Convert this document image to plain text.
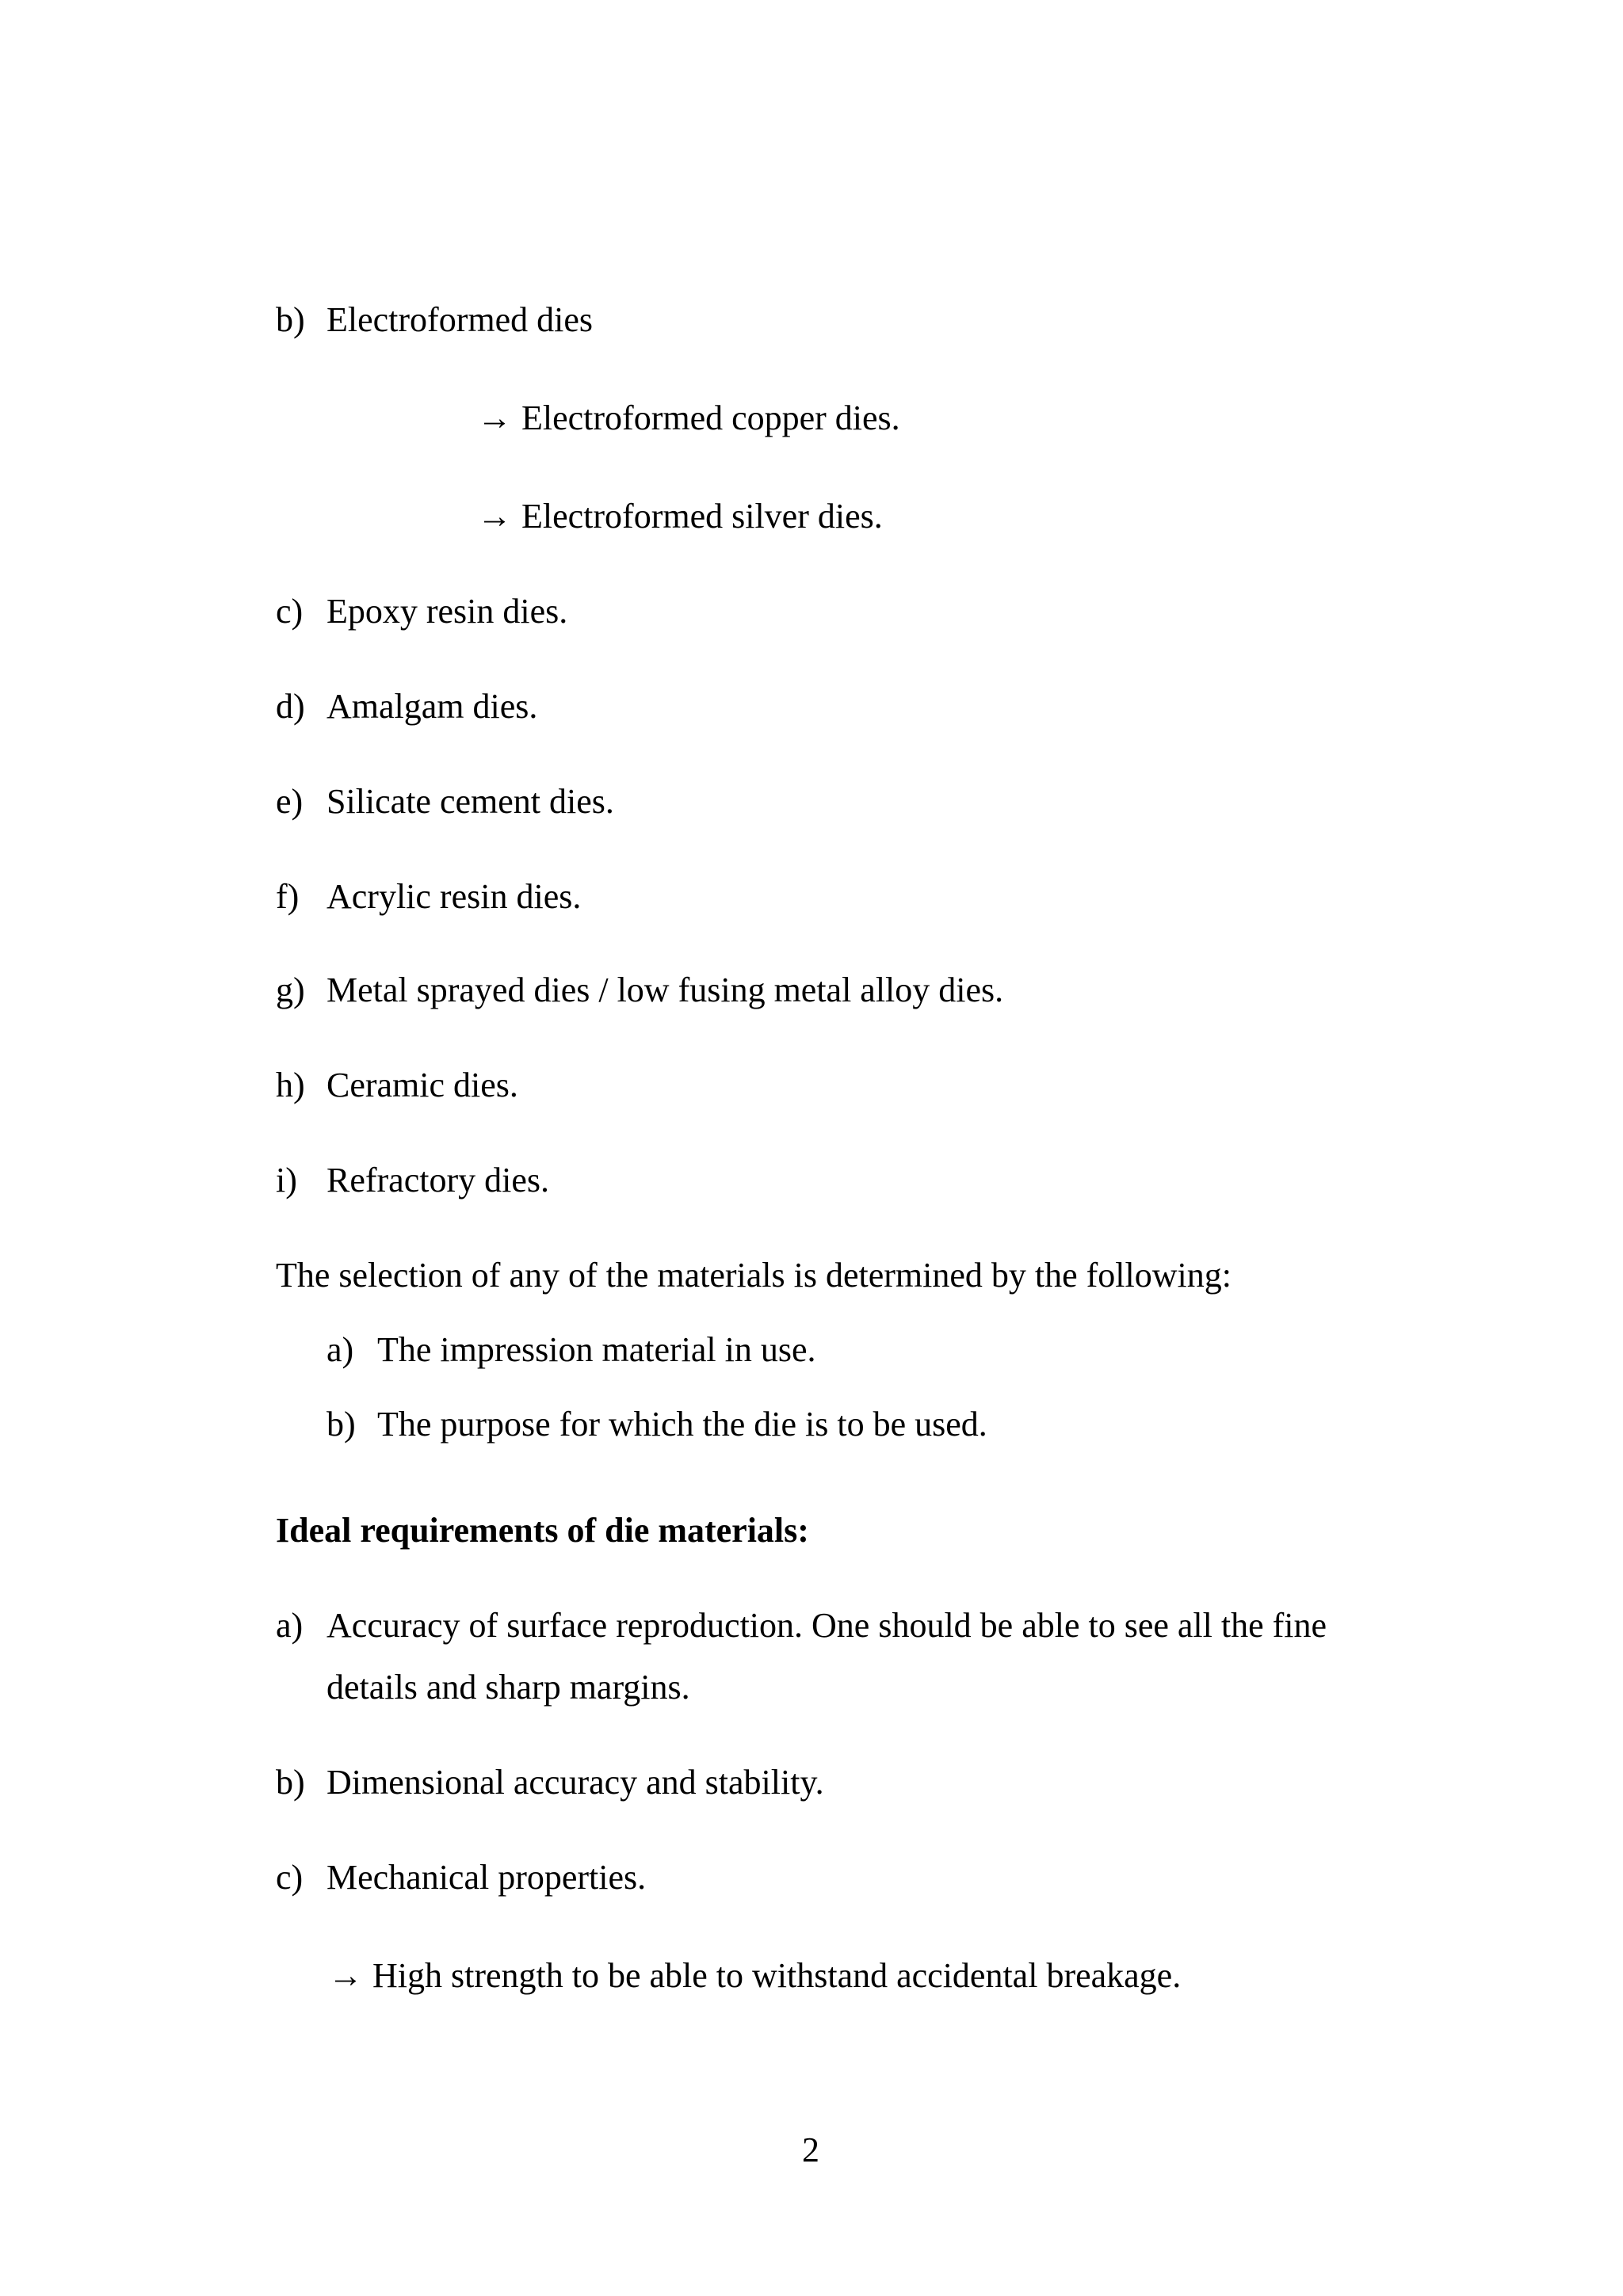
b) Electroformed dies
→ Electroformed copper dies.
→ Electroformed silver dies.
c) Epoxy resin dies.
d) Amalgam dies.
e) Silicate cement dies.
f) Acrylic resin dies.
g) Metal sprayed dies / low fusing metal alloy dies.
h) Ceramic dies.
i) Refractory dies.

The selection of any of the materials is determined by the following:

a) The impression material in use.
b) The purpose for which the die is to be used.
Ideal requirements of die materials:
a) Accuracy of surface reproduction. One should be able to see all the fine
details and sharp margins.
b) Dimensional accuracy and stability.
c) Mechanical properties.
→ High strength to be able to withstand accidental breakage.
2
